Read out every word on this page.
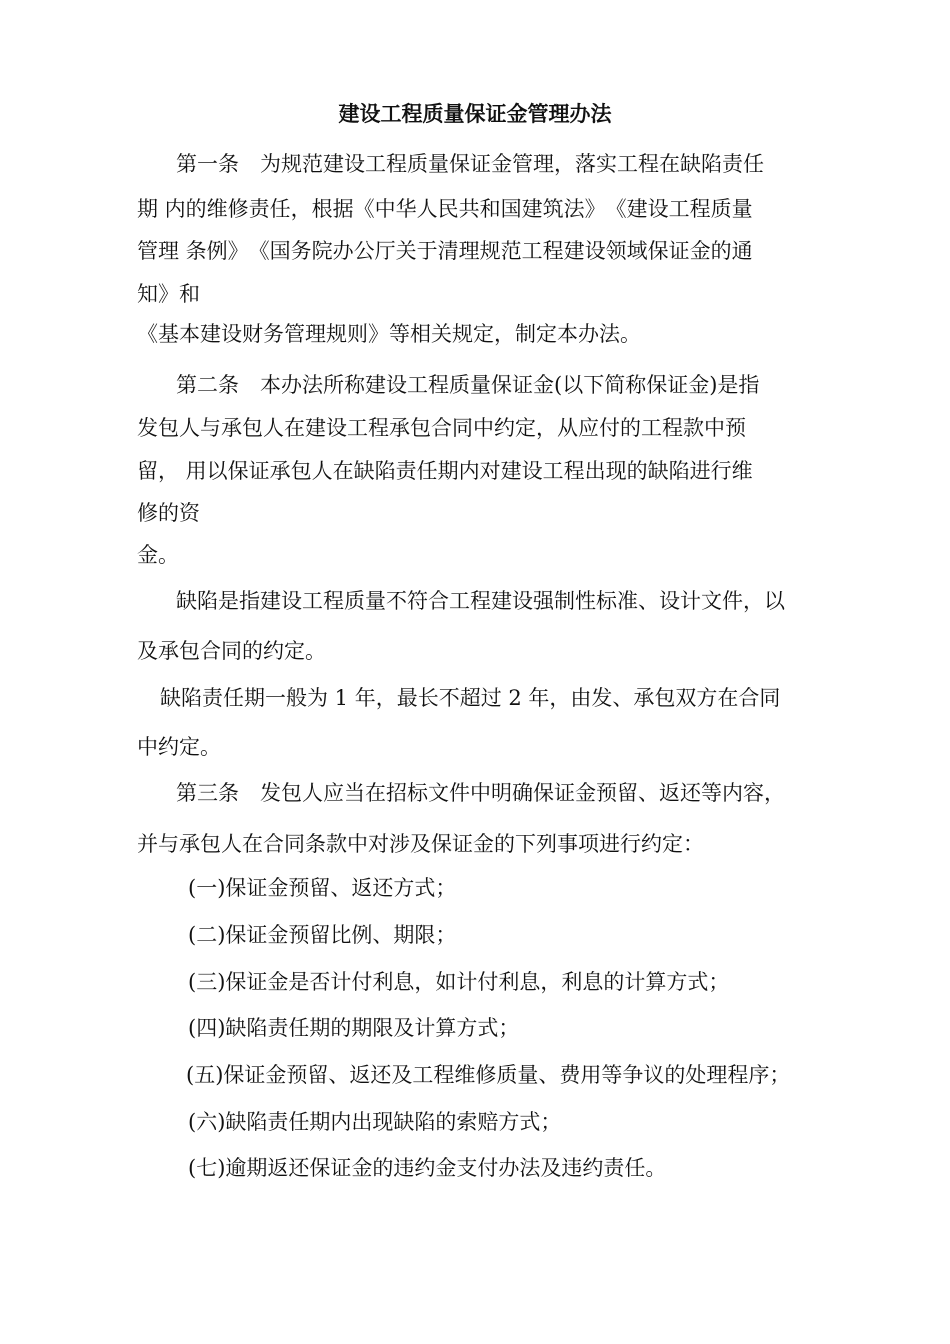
建设工程质量保证金管理办法

第一条　为规范建设工程质量保证金管理，落实工程在缺陷责任

期 内的维修责任，根据《中华人民共和国建筑法》　《建设工程质量

管理 条例》　《国务院办公厅关于清理规范工程建设领域保证金的通

知》和

《基本建设财务管理规则》等相关规定，制定本办法。

第二条　本办法所称建设工程质量保证金(以下简称保证金)是指

发包人与承包人在建设工程承包合同中约定，从应付的工程款中预

留， 用以保证承包人在缺陷责任期内对建设工程出现的缺陷进行维

修的资

金。

缺陷是指建设工程质量不符合工程建设强制性标准、设计文件，以

及承包合同的约定。

缺陷责任期一般为 1 年，最长不超过 2 年，由发、承包双方在合同

中约定。

第三条　发包人应当在招标文件中明确保证金预留、返还等内容，

并与承包人在合同条款中对涉及保证金的下列事项进行约定：

(一)保证金预留、返还方式；

(二)保证金预留比例、期限；

(三)保证金是否计付利息，如计付利息，利息的计算方式；

(四)缺陷责任期的期限及计算方式；

(五)保证金预留、返还及工程维修质量、费用等争议的处理程序；

(六)缺陷责任期内出现缺陷的索赔方式；

(七)逾期返还保证金的违约金支付办法及违约责任。
